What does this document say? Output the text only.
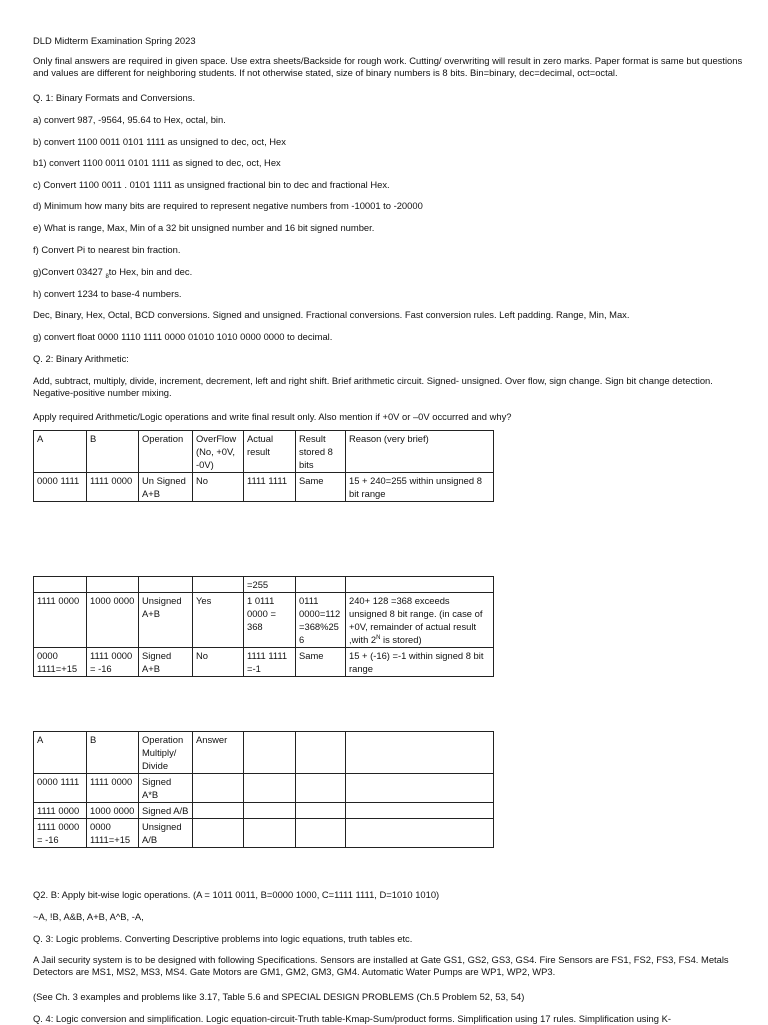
DLD Midterm Examination Spring 2023
Only final answers are required in given space. Use extra sheets/Backside for rough work. Cutting/ overwriting will result in zero marks. Paper format is same but questions and values are different for neighboring students. If not otherwise stated, size of binary numbers is 8 bits. Bin=binary, dec=decimal, oct=octal.
Q. 1: Binary Formats and Conversions.
a) convert 987, -9564, 95.64 to Hex, octal, bin.
b) convert 1100 0011 0101 1111 as unsigned to dec, oct, Hex
b1) convert 1100 0011 0101 1111 as signed to dec, oct, Hex
c) Convert 1100 0011 . 0101 1111 as unsigned fractional bin to dec and fractional Hex.
d) Minimum how many bits are required to represent negative numbers from -10001 to -20000
e) What is range, Max, Min of a 32 bit unsigned number and 16 bit signed number.
f) Convert Pi to nearest bin fraction.
g)Convert 03427 $_8$to Hex, bin and dec.
h) convert 1234 to base-4 numbers.
Dec, Binary, Hex, Octal, BCD conversions. Signed and unsigned. Fractional conversions. Fast conversion rules. Left padding. Range, Min, Max.
g) convert float 0000 1110 1111 0000 01010 1010 0000 0000 to decimal.
Q. 2: Binary Arithmetic:
Add, subtract, multiply, divide, increment, decrement, left and right shift. Brief arithmetic circuit. Signed- unsigned. Over flow, sign change. Sign bit change detection. Negative-positive number mixing.
Apply required Arithmetic/Logic operations and write final result only. Also mention if +0V or –0V occurred and why?
A	B	Operation	OverFlow (No, +0V, -0V)	Actual result	Result stored 8 bits	Reason (very brief)
0000 1111	1111 0000	Un Signed A+B	No	1111 1111	Same	15 + 240=255 within unsigned 8 bit range
				=255		
1111 0000	1000 0000	Unsigned A+B	Yes	1 0111 0000 = 368	0111 0000=112 =368%256	240+ 128 =368 exceeds unsigned 8 bit range. (in case of +0V, remainder of actual result ,with $2^N$ is stored)
0000 1111=+15	1111 0000 = -16	Signed A+B	No	1111 1111 =-1	Same	15 + (-16) =-1 within signed 8 bit range
A	B	Operation Multiply/ Divide	Answer			
0000 1111	1111 0000	Signed A*B				
1111 0000	1000 0000	Signed A/B				
1111 0000 = -16	0000 1111=+15	Unsigned A/B				
Q2. B: Apply bit-wise logic operations. (A = 1011 0011, B=0000 1000, C=1111 1111, D=1010 1010)
~A, !B, A&B, A+B, A^B, -A,
Q. 3: Logic problems. Converting Descriptive problems into logic equations, truth tables etc.
A Jail security system is to be designed with following Specifications. Sensors are installed at Gate GS1, GS2, GS3, GS4. Fire Sensors are FS1, FS2, FS3, FS4. Metals Detectors are MS1, MS2, MS3, MS4. Gate Motors are GM1, GM2, GM3, GM4. Automatic Water Pumps are WP1, WP2, WP3.
(See Ch. 3 examples and problems like 3.17, Table 5.6 and SPECIAL DESIGN PROBLEMS (Ch.5 Problem 52, 53, 54)
Q. 4: Logic conversion and simplification. Logic equation-circuit-Truth table-Kmap-Sum/product forms. Simplification using 17 rules. Simplification using K-
